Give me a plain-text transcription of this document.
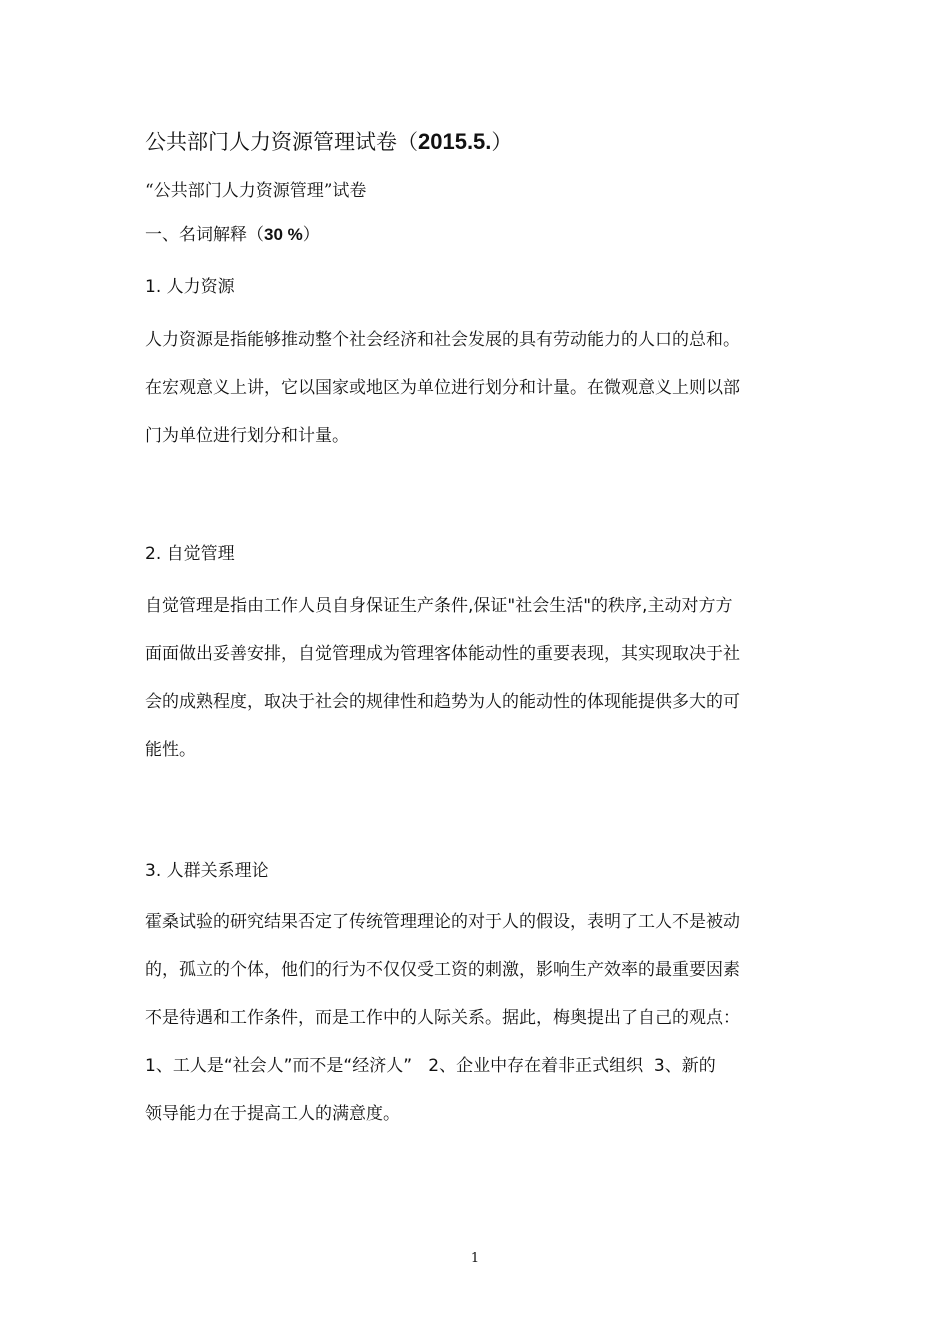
公共部门人力资源管理试卷（2015.5.）
“公共部门人力资源管理”试卷
一、名词解释（30 %）
1. 人力资源
人力资源是指能够推动整个社会经济和社会发展的具有劳动能力的人口的总和。
在宏观意义上讲，它以国家或地区为单位进行划分和计量。在微观意义上则以部
门为单位进行划分和计量。
2. 自觉管理
自觉管理是指由工作人员自身保证生产条件,保证"社会生活"的秩序,主动对方方
面面做出妥善安排，自觉管理成为管理客体能动性的重要表现，其实现取决于社
会的成熟程度，取决于社会的规律性和趋势为人的能动性的体现能提供多大的可
能性。
3. 人群关系理论
霍桑试验的研究结果否定了传统管理理论的对于人的假设，表明了工人不是被动
的，孤立的个体，他们的行为不仅仅受工资的刺激，影响生产效率的最重要因素
不是待遇和工作条件，而是工作中的人际关系。据此，梅奥提出了自己的观点：
1、工人是“社会人”而不是“经济人”   2、企业中存在着非正式组织  3、新的
领导能力在于提高工人的满意度。
1
